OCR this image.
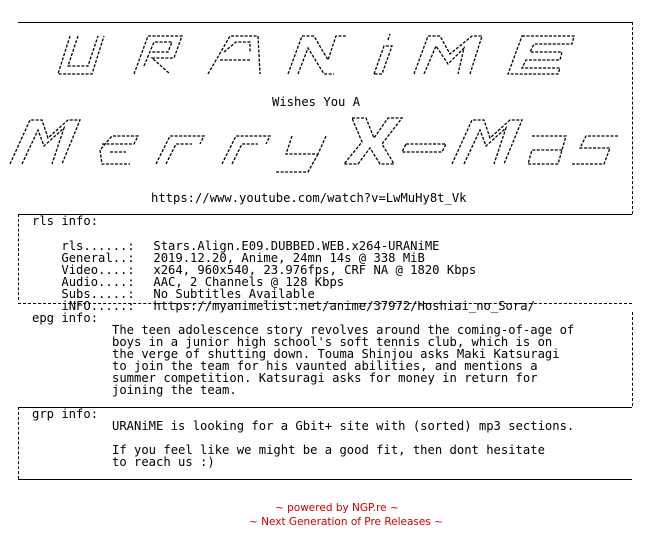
Wishes You A
https://www.youtube.com/watch?v=LwMuHy8t_Vk
rls info:

rls......: Stars.Align.E09.DUBBED.WEB.x264-URANiME

General..: 2019.12.20, Anime, 24mn 14s @ 338 MiB

Video....: x264, 960x540, 23.976fps, CRF NA @ 1820 Kbps

Audio....: AAC, 2 Channels @ 128 Kbps

Subs.....: No Subtitles Available

iNFO.....: https://myanimelist.net/anime/37972/Hoshiai_no_Sora/

epg info:
The teen adolescence story revolves around the coming-of-age of
boys in a junior high school's soft tennis club, which is on
the verge of shutting down. Touma Shinjou asks Maki Katsuragi
to join the team for his vaunted abilities, and mentions a
summer competition. Katsuragi asks for money in return for
joining the team.
grp info:
URANiME is looking for a Gbit+ site with (sorted) mp3 sections.
If you feel like we might be a good fit, then dont hesitate
to reach us :)
~ powered by NGP.re ~
~ Next Generation of Pre Releases ~
